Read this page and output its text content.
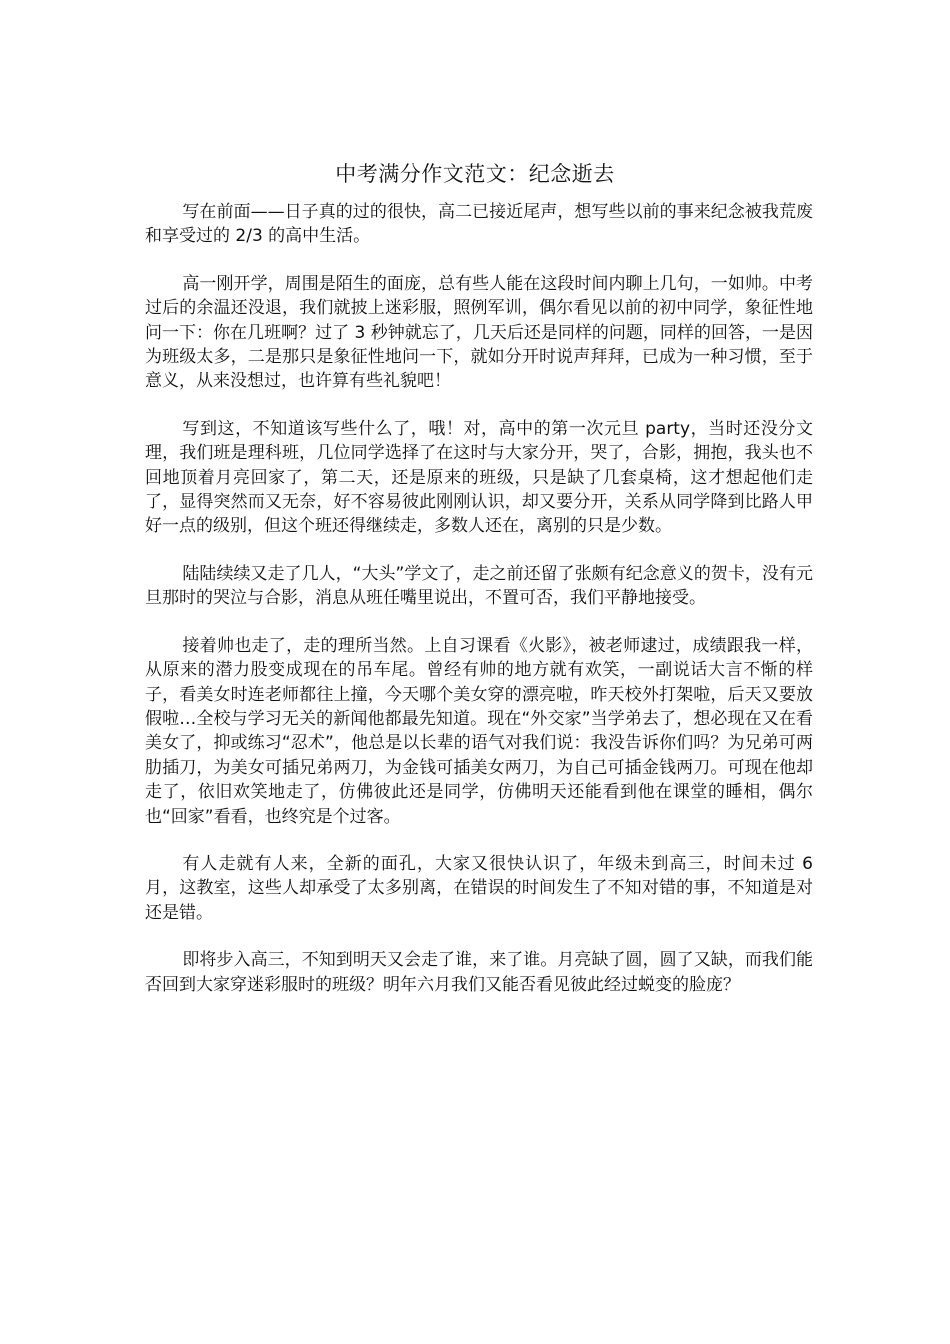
中考满分作文范文：纪念逝去

写在前面——日子真的过的很快，高二已接近尾声，想写些以前的事来纪念被我荒废和享受过的 2/3 的高中生活。

高一刚开学，周围是陌生的面庞，总有些人能在这段时间内聊上几句，一如帅。中考过后的余温还没退，我们就披上迷彩服，照例军训，偶尔看见以前的初中同学，象征性地问一下：你在几班啊？过了 3 秒钟就忘了，几天后还是同样的问题，同样的回答，一是因为班级太多，二是那只是象征性地问一下，就如分开时说声拜拜，已成为一种习惯，至于意义，从来没想过，也许算有些礼貌吧！

写到这，不知道该写些什么了，哦！对，高中的第一次元旦 party，当时还没分文理，我们班是理科班，几位同学选择了在这时与大家分开，哭了，合影，拥抱，我头也不回地顶着月亮回家了，第二天，还是原来的班级，只是缺了几套桌椅，这才想起他们走了，显得突然而又无奈，好不容易彼此刚刚认识，却又要分开，关系从同学降到比路人甲好一点的级别，但这个班还得继续走，多数人还在，离别的只是少数。

陆陆续续又走了几人，“大头”学文了，走之前还留了张颇有纪念意义的贺卡，没有元旦那时的哭泣与合影，消息从班任嘴里说出，不置可否，我们平静地接受。

接着帅也走了，走的理所当然。上自习课看《火影》，被老师逮过，成绩跟我一样，从原来的潜力股变成现在的吊车尾。曾经有帅的地方就有欢笑，一副说话大言不惭的样子，看美女时连老师都往上撞，今天哪个美女穿的漂亮啦，昨天校外打架啦，后天又要放假啦…全校与学习无关的新闻他都最先知道。现在“外交家”当学弟去了，想必现在又在看美女了，抑或练习“忍术”，他总是以长辈的语气对我们说：我没告诉你们吗？为兄弟可两肋插刀，为美女可插兄弟两刀，为金钱可插美女两刀，为自己可插金钱两刀。可现在他却走了，依旧欢笑地走了，仿佛彼此还是同学，仿佛明天还能看到他在课堂的睡相，偶尔也“回家”看看，也终究是个过客。

有人走就有人来，全新的面孔，大家又很快认识了，年级未到高三，时间未过 6 月，这教室，这些人却承受了太多别离，在错误的时间发生了不知对错的事，不知道是对还是错。

即将步入高三，不知到明天又会走了谁，来了谁。月亮缺了圆，圆了又缺，而我们能否回到大家穿迷彩服时的班级？明年六月我们又能否看见彼此经过蜕变的脸庞？
